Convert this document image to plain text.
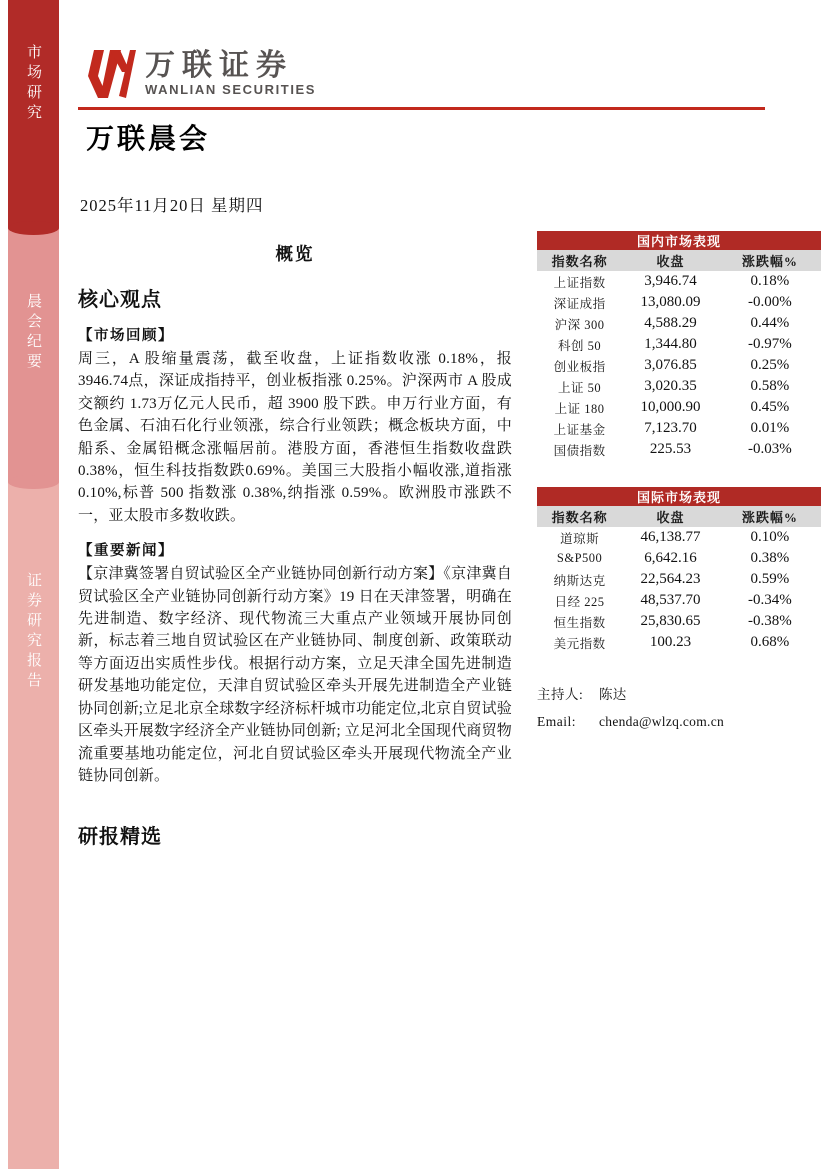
市场研究
晨会纪要
证券研究报告
万联证券
WANLIAN SECURITIES
万联晨会
2025年11月20日 星期四
概览
核心观点
【市场回顾】
周三，A 股缩量震荡，截至收盘，上证指数收涨 0.18%，报 3946.74点，深证成指持平，创业板指涨 0.25%。沪深两市 A 股成交额约 1.73万亿元人民币，超 3900 股下跌。申万行业方面，有色金属、石油石化行业领涨，综合行业领跌；概念板块方面，中船系、金属铅概念涨幅居前。港股方面，香港恒生指数收盘跌 0.38%，恒生科技指数跌0.69%。美国三大股指小幅收涨,道指涨 0.10%,标普 500 指数涨 0.38%,纳指涨 0.59%。欧洲股市涨跌不一，亚太股市多数收跌。
【重要新闻】
【京津冀签署自贸试验区全产业链协同创新行动方案】《京津冀自贸试验区全产业链协同创新行动方案》19 日在天津签署，明确在先进制造、数字经济、现代物流三大重点产业领域开展协同创新，标志着三地自贸试验区在产业链协同、制度创新、政策联动等方面迈出实质性步伐。根据行动方案，立足天津全国先进制造研发基地功能定位，天津自贸试验区牵头开展先进制造全产业链协同创新;立足北京全球数字经济标杆城市功能定位,北京自贸试验区牵头开展数字经济全产业链协同创新; 立足河北全国现代商贸物流重要基地功能定位，河北自贸试验区牵头开展现代物流全产业链协同创新。
研报精选
国内市场表现		
指数名称	收盘	涨跌幅%
上证指数	3,946.74	0.18%
深证成指	13,080.09	-0.00%
沪深 300	4,588.29	0.44%
科创 50	1,344.80	-0.97%
创业板指	3,076.85	0.25%
上证 50	3,020.35	0.58%
上证 180	10,000.90	0.45%
上证基金	7,123.70	0.01%
国债指数	225.53	-0.03%
国际市场表现		
指数名称	收盘	涨跌幅%
道琼斯	46,138.77	0.10%
S&P500	6,642.16	0.38%
纳斯达克	22,564.23	0.59%
日经 225	48,537.70	-0.34%
恒生指数	25,830.65	-0.38%
美元指数	100.23	0.68%
主持人:	陈达
Email:	chenda@wlzq.com.cn
